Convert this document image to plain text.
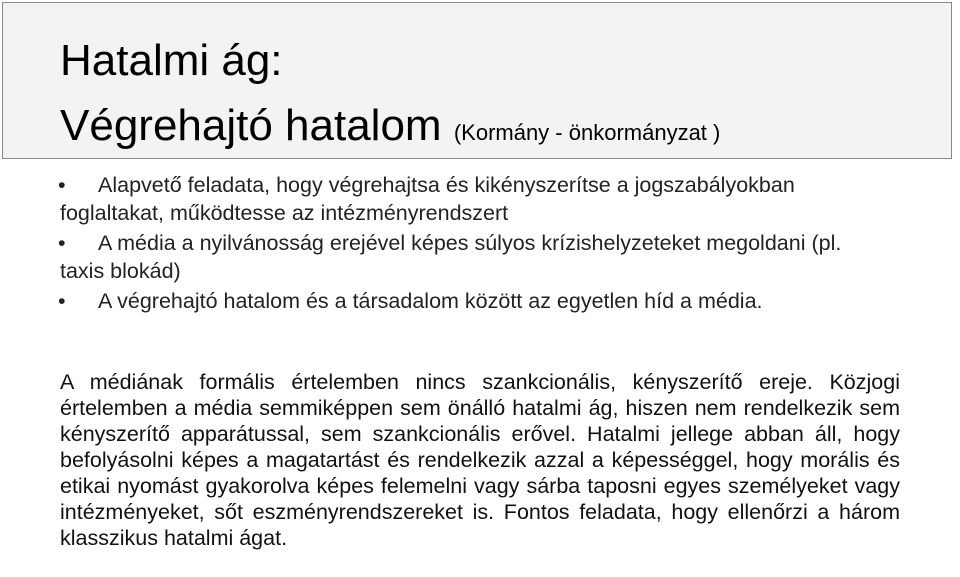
Hatalmi ág:
Végrehajtó hatalom (Kormány - önkormányzat )
• Alapvető feladata, hogy végrehajtsa és kikényszerítse a jogszabályokban foglaltakat, működtesse az intézményrendszert
• A média a nyilvánosság erejével képes súlyos krízishelyzeteket megoldani (pl. taxis blokád)
• A végrehajtó hatalom és a társadalom között az egyetlen híd a média.

A médiának formális értelemben nincs szankcionális, kényszerítő ereje. Közjogi értelemben a média semmiképpen sem önálló hatalmi ág, hiszen nem rendelkezik sem kényszerítő apparátussal, sem szankcionális erővel. Hatalmi jellege abban áll, hogy befolyásolni képes a magatartást és rendelkezik azzal a képességgel, hogy morális és etikai nyomást gyakorolva képes felemelni vagy sárba taposni egyes személyeket vagy intézményeket, sőt eszményrendszereket is. Fontos feladata, hogy ellenőrzi a három klasszikus hatalmi ágat.
